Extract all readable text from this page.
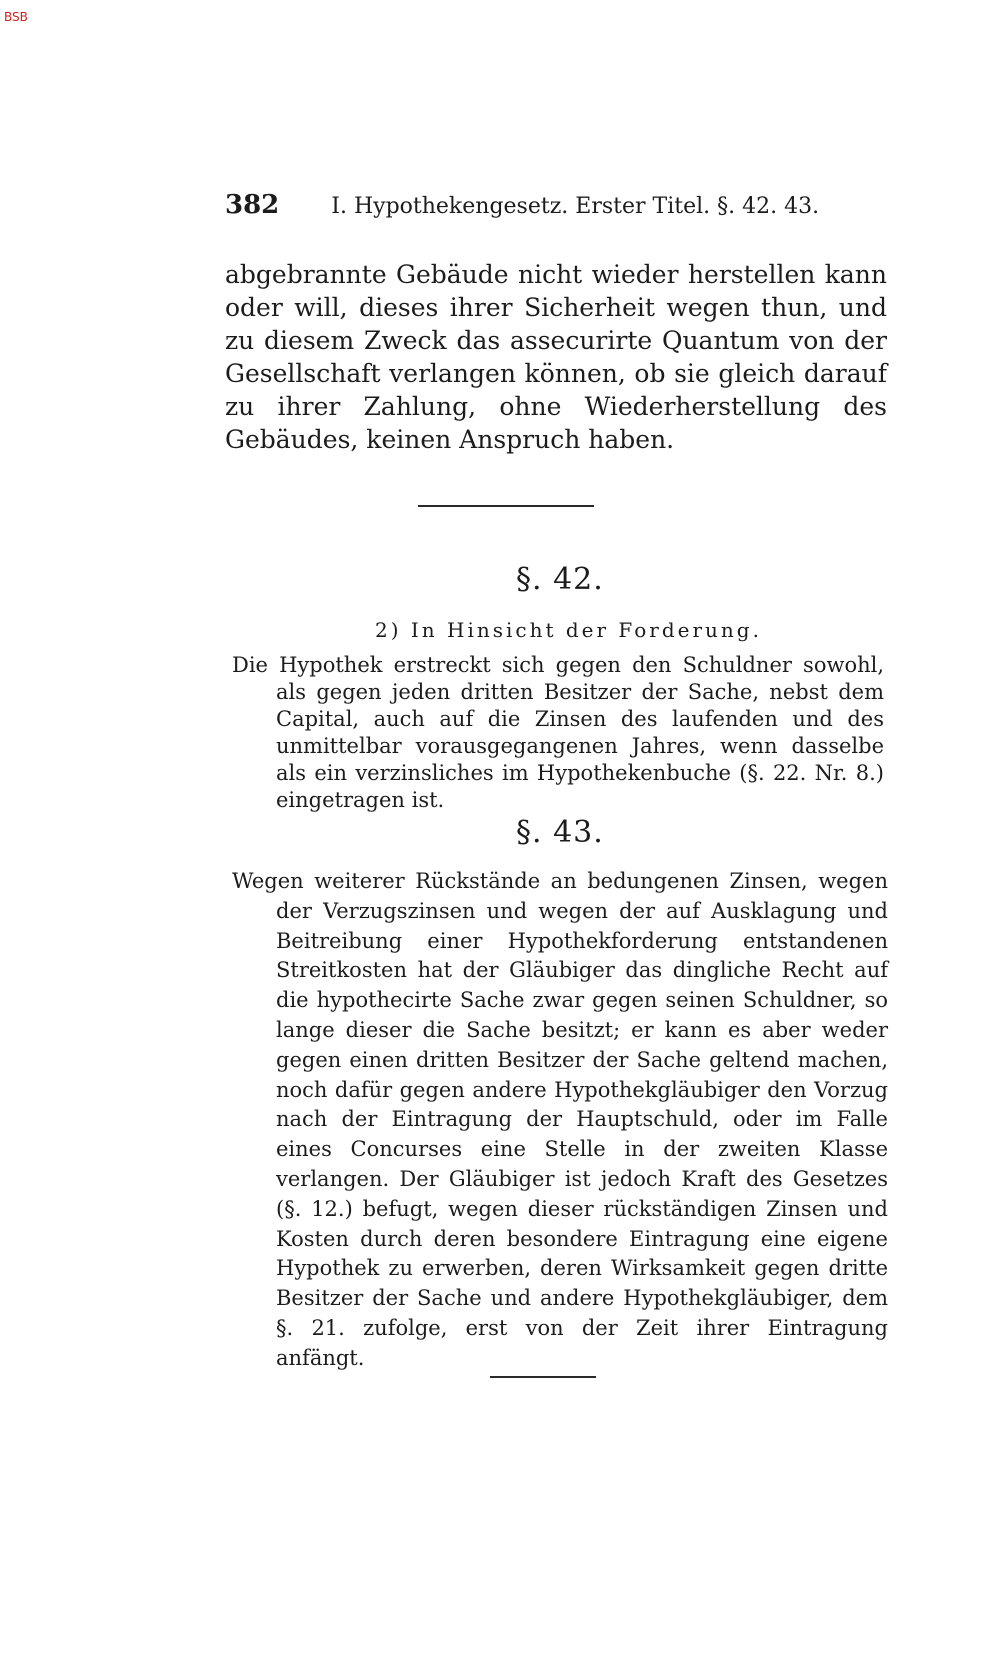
BSB
382 I. Hypothekengesetz. Erster Titel. §. 42. 43.

abgebrannte Gebäude nicht wieder herstellen kann oder will, dieses ihrer Sicherheit wegen thun, und zu diesem Zweck das assecurirte Quantum von der Gesellschaft verlangen können, ob sie gleich darauf zu ihrer Zahlung, ohne Wiederherstellung des Gebäudes, keinen Anspruch haben.

§. 42.
2) In Hinsicht der Forderung.

Die Hypothek erstreckt sich gegen den Schuldner sowohl, als gegen jeden dritten Besitzer der Sache, nebst dem Capital, auch auf die Zinsen des laufenden und des unmittelbar vorausgegangenen Jahres, wenn dasselbe als ein verzinsliches im Hypothekenbuche (§. 22. Nr. 8.) eingetragen ist.

§. 43.

Wegen weiterer Rückstände an bedungenen Zinsen, wegen der Verzugszinsen und wegen der auf Ausklagung und Beitreibung einer Hypothekforderung entstandenen Streitkosten hat der Gläubiger das dingliche Recht auf die hypothecirte Sache zwar gegen seinen Schuldner, so lange dieser die Sache besitzt; er kann es aber weder gegen einen dritten Besitzer der Sache geltend machen, noch dafür gegen andere Hypothekgläubiger den Vorzug nach der Eintragung der Hauptschuld, oder im Falle eines Concurses eine Stelle in der zweiten Klasse verlangen. Der Gläubiger ist jedoch Kraft des Gesetzes (§. 12.) befugt, wegen dieser rückständigen Zinsen und Kosten durch deren besondere Eintragung eine eigene Hypothek zu erwerben, deren Wirksamkeit gegen dritte Besitzer der Sache und andere Hypothekgläubiger, dem §. 21. zufolge, erst von der Zeit ihrer Eintragung anfängt.
